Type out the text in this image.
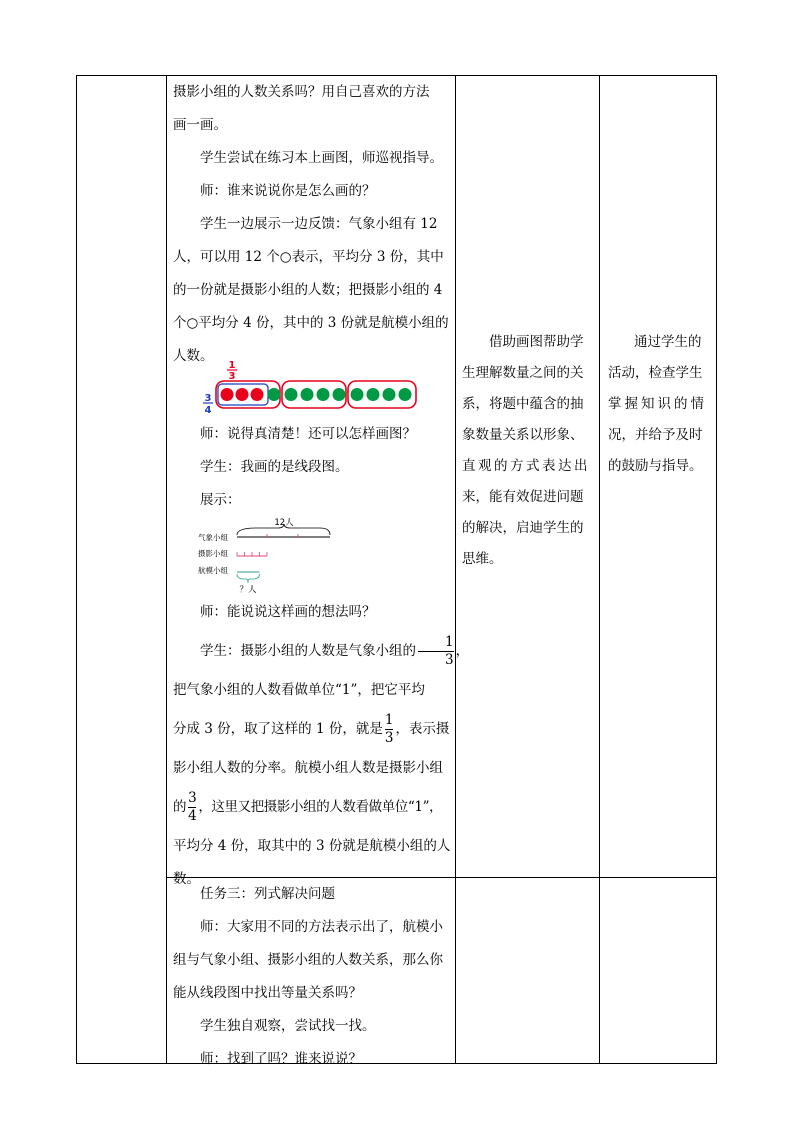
摄影小组的人数关系吗？用自己喜欢的方法

画一画。

学生尝试在练习本上画图，师巡视指导。

师：谁来说说你是怎么画的？

学生一边展示一边反馈：气象小组有 12

人，可以用 12 个○表示，平均分 3 份，其中

的一份就是摄影小组的人数；把摄影小组的 4

个○平均分 4 份，其中的 3 份就是航模小组的

人数。

1
3
3
4

师：说得真清楚！还可以怎样画图？

学生：我画的是线段图。

展示：

12人
气象小组
摄影小组
航模小组
？人

师：能说说这样画的想法吗？

学生：摄影小组的人数是气象小组的 $\frac{1}{3}$ ，

把气象小组的人数看做单位“1”，把它平均

分成 3 份，取了这样的 1 份，就是 $\frac{1}{3}$ ，表示摄

影小组人数的分率。航模小组人数是摄影小组

的 $\frac{3}{4}$ ，这里又把摄影小组的人数看做单位“1”，

平均分 4 份，取其中的 3 份就是航模小组的人

数。

任务三：列式解决问题

师：大家用不同的方法表示出了，航模小

组与气象小组、摄影小组的人数关系，那么你

能从线段图中找出等量关系吗？

学生独自观察，尝试找一找。

师：找到了吗？谁来说说？

借助画图帮助学

生理解数量之间的关

系，将题中蕴含的抽

象数量关系以形象、

直观的方式表达出

来，能有效促进问题

的解决，启迪学生的

思维。

通过学生的

活动，检查学生

掌握知识的情

况，并给予及时

的鼓励与指导。
